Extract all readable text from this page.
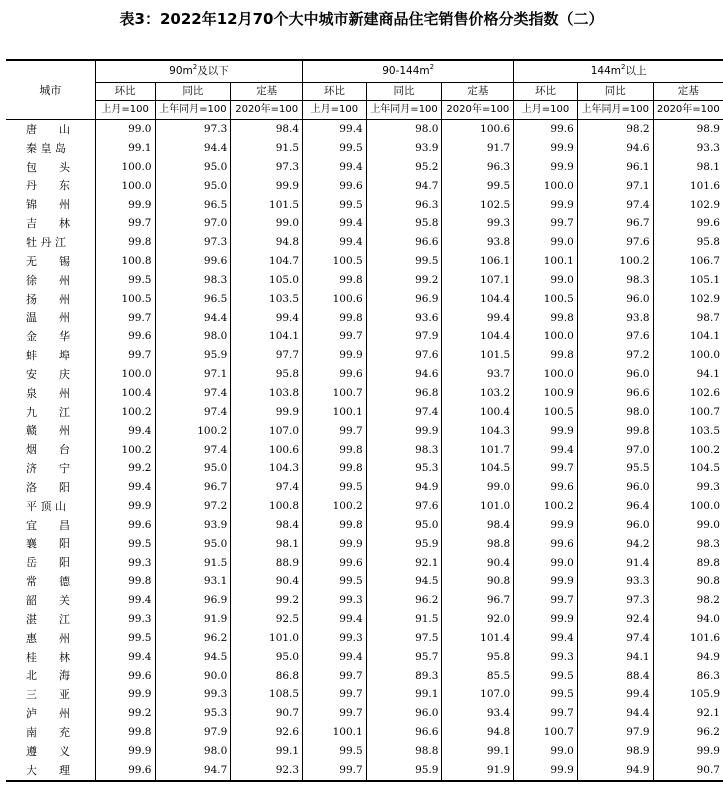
表3：2022年12月70个大中城市新建商品住宅销售价格分类指数（二）
城市	$90m^2$及以下			$90-144m^2$			$144m^2$以上		
	环比	同比	定基	环比	同比	定基	环比	同比	定基
	上月=100	上年同月=100	2020年=100	上月=100	上年同月=100	2020年=100	上月=100	上年同月=100	2020年=100
唐　　山	99.0	97.3	98.4	99.4	98.0	100.6	99.6	98.2	98.9
秦 皇 岛	99.1	94.4	91.5	99.5	93.9	91.7	99.9	94.6	93.3
包　　头	100.0	95.0	97.3	99.4	95.2	96.3	99.9	96.1	98.1
丹　　东	100.0	95.0	99.9	99.6	94.7	99.5	100.0	97.1	101.6
锦　　州	99.9	96.5	101.5	99.5	96.3	102.5	99.9	97.4	102.9
吉　　林	99.7	97.0	99.0	99.4	95.8	99.3	99.7	96.7	99.6
牡 丹 江	99.8	97.3	94.8	99.4	96.6	93.8	99.0	97.6	95.8
无　　锡	100.8	99.6	104.7	100.5	99.5	106.1	100.1	100.2	106.7
徐　　州	99.5	98.3	105.0	99.8	99.2	107.1	99.0	98.3	105.1
扬　　州	100.5	96.5	103.5	100.6	96.9	104.4	100.5	96.0	102.9
温　　州	99.7	94.4	99.4	99.8	93.6	99.4	99.8	93.8	98.7
金　　华	99.6	98.0	104.1	99.7	97.9	104.4	100.0	97.6	104.1
蚌　　埠	99.7	95.9	97.7	99.9	97.6	101.5	99.8	97.2	100.0
安　　庆	100.0	97.1	95.8	99.6	94.6	93.7	100.0	96.0	94.1
泉　　州	100.4	97.4	103.8	100.7	96.8	103.2	100.9	96.6	102.6
九　　江	100.2	97.4	99.9	100.1	97.4	100.4	100.5	98.0	100.7
赣　　州	99.4	100.2	107.0	99.7	99.9	104.3	99.9	99.8	103.5
烟　　台	100.2	97.4	100.6	99.8	98.3	101.7	99.4	97.0	100.2
济　　宁	99.2	95.0	104.3	99.8	95.3	104.5	99.7	95.5	104.5
洛　　阳	99.4	96.7	97.4	99.5	94.9	99.0	99.6	96.0	99.3
平 顶 山	99.9	97.2	100.8	100.2	97.6	101.0	100.2	96.4	100.0
宜　　昌	99.6	93.9	98.4	99.8	95.0	98.4	99.9	96.0	99.0
襄　　阳	99.5	95.0	98.1	99.9	95.9	98.8	99.6	94.2	98.3
岳　　阳	99.3	91.5	88.9	99.6	92.1	90.4	99.0	91.4	89.8
常　　德	99.8	93.1	90.4	99.5	94.5	90.8	99.9	93.3	90.8
韶　　关	99.4	96.9	99.2	99.3	96.2	96.7	99.7	97.3	98.2
湛　　江	99.3	91.9	92.5	99.4	91.5	92.0	99.9	92.4	94.0
惠　　州	99.5	96.2	101.0	99.3	97.5	101.4	99.4	97.4	101.6
桂　　林	99.4	94.5	95.0	99.4	95.7	95.8	99.3	94.1	94.9
北　　海	99.6	90.0	86.8	99.7	89.3	85.5	99.5	88.4	86.3
三　　亚	99.9	99.3	108.5	99.7	99.1	107.0	99.5	99.4	105.9
泸　　州	99.2	95.3	90.7	99.7	96.0	93.4	99.7	94.4	92.1
南　　充	99.8	97.9	92.6	100.1	96.6	94.8	100.7	97.9	96.2
遵　　义	99.9	98.0	99.1	99.5	98.8	99.1	99.0	98.9	99.9
大　　理	99.6	94.7	92.3	99.7	95.9	91.9	99.9	94.9	90.7
